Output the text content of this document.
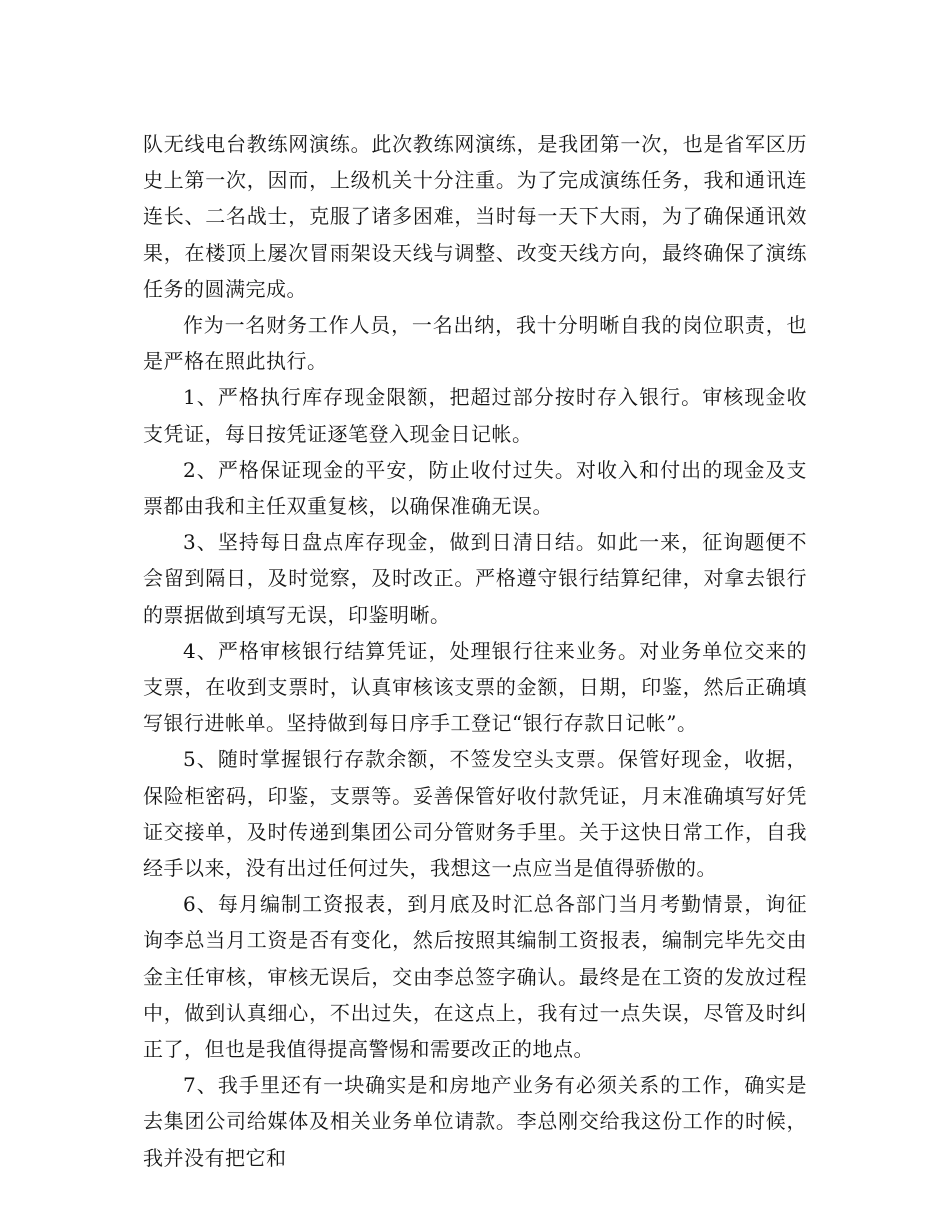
队无线电台教练网演练。此次教练网演练，是我团第一次，也是省军区历史上第一次，因而，上级机关十分注重。为了完成演练任务，我和通讯连连长、二名战士，克服了诸多困难，当时每一天下大雨，为了确保通讯效果，在楼顶上屡次冒雨架设天线与调整、改变天线方向，最终确保了演练任务的圆满完成。

作为一名财务工作人员，一名出纳，我十分明晰自我的岗位职责，也是严格在照此执行。

1、严格执行库存现金限额，把超过部分按时存入银行。审核现金收支凭证，每日按凭证逐笔登入现金日记帐。

2、严格保证现金的平安，防止收付过失。对收入和付出的现金及支票都由我和主任双重复核，以确保准确无误。

3、坚持每日盘点库存现金，做到日清日结。如此一来，征询题便不会留到隔日，及时觉察，及时改正。严格遵守银行结算纪律，对拿去银行的票据做到填写无误，印鉴明晰。

4、严格审核银行结算凭证，处理银行往来业务。对业务单位交来的支票，在收到支票时，认真审核该支票的金额，日期，印鉴，然后正确填写银行进帐单。坚持做到每日序手工登记“银行存款日记帐”。

5、随时掌握银行存款余额，不签发空头支票。保管好现金，收据，保险柜密码，印鉴，支票等。妥善保管好收付款凭证，月末准确填写好凭证交接单，及时传递到集团公司分管财务手里。关于这快日常工作，自我经手以来，没有出过任何过失，我想这一点应当是值得骄傲的。

6、每月编制工资报表，到月底及时汇总各部门当月考勤情景，询征询李总当月工资是否有变化，然后按照其编制工资报表，编制完毕先交由金主任审核，审核无误后，交由李总签字确认。最终是在工资的发放过程中，做到认真细心，不出过失，在这点上，我有过一点失误，尽管及时纠正了，但也是我值得提高警惕和需要改正的地点。

7、我手里还有一块确实是和房地产业务有必须关系的工作，确实是去集团公司给媒体及相关业务单位请款。李总刚交给我这份工作的时候，我并没有把它和
